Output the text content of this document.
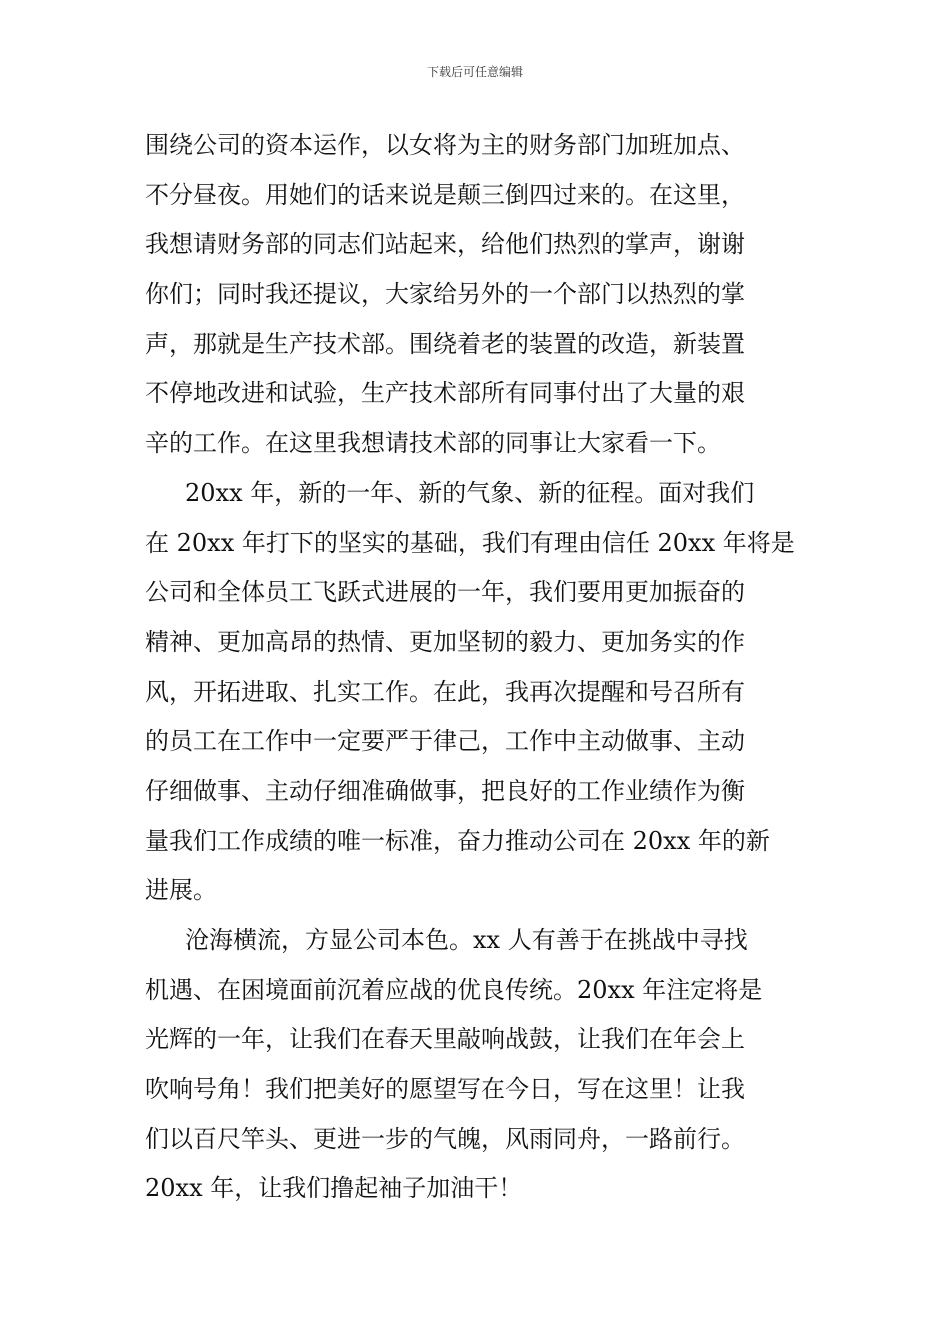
下载后可任意编辑
围绕公司的资本运作，以女将为主的财务部门加班加点、
不分昼夜。用她们的话来说是颠三倒四过来的。在这里，
我想请财务部的同志们站起来，给他们热烈的掌声，谢谢
你们；同时我还提议，大家给另外的一个部门以热烈的掌
声，那就是生产技术部。围绕着老的装置的改造，新装置
不停地改进和试验，生产技术部所有同事付出了大量的艰
辛的工作。在这里我想请技术部的同事让大家看一下。
20xx 年，新的一年、新的气象、新的征程。面对我们
在 20xx 年打下的坚实的基础，我们有理由信任 20xx 年将是
公司和全体员工飞跃式进展的一年，我们要用更加振奋的
精神、更加高昂的热情、更加坚韧的毅力、更加务实的作
风，开拓进取、扎实工作。在此，我再次提醒和号召所有
的员工在工作中一定要严于律己，工作中主动做事、主动
仔细做事、主动仔细准确做事，把良好的工作业绩作为衡
量我们工作成绩的唯一标准，奋力推动公司在 20xx 年的新
进展。
沧海横流，方显公司本色。xx 人有善于在挑战中寻找
机遇、在困境面前沉着应战的优良传统。20xx 年注定将是
光辉的一年，让我们在春天里敲响战鼓，让我们在年会上
吹响号角！我们把美好的愿望写在今日，写在这里！让我
们以百尺竿头、更进一步的气魄，风雨同舟，一路前行。
20xx 年，让我们撸起袖子加油干！
